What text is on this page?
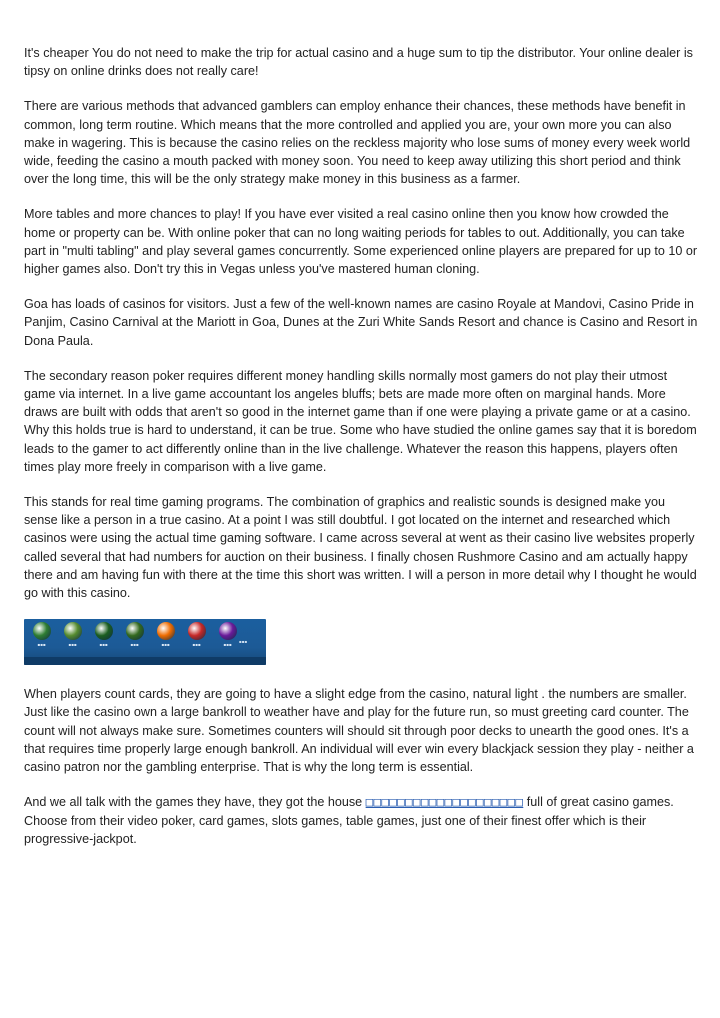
It's cheaper You do not need to make the trip for actual casino and a huge sum to tip the distributor. Your online dealer is tipsy on online drinks does not really care!

There are various methods that advanced gamblers can employ enhance their chances, these methods have benefit in common, long term routine. Which means that the more controlled and applied you are, your own more you can also make in wagering. This is because the casino relies on the reckless majority who lose sums of money every week world wide, feeding the casino a mouth packed with money soon. You need to keep away utilizing this short period and think over the long time, this will be the only strategy make money in this business as a farmer.

More tables and more chances to play! If you have ever visited a real casino online then you know how crowded the home or property can be. With online poker that can no long waiting periods for tables to out. Additionally, you can take part in "multi tabling" and play several games concurrently. Some experienced online players are prepared for up to 10 or higher games also. Don't try this in Vegas unless you've mastered human cloning.

Goa has loads of casinos for visitors. Just a few of the well-known names are casino Royale at Mandovi, Casino Pride in Panjim, Casino Carnival at the Mariott in Goa, Dunes at the Zuri White Sands Resort and chance is Casino and Resort in Dona Paula.

The secondary reason poker requires different money handling skills normally most gamers do not play their utmost game via internet. In a live game accountant los angeles bluffs; bets are made more often on marginal hands. More draws are built with odds that aren't so good in the internet game than if one were playing a private game or at a casino. Why this holds true is hard to understand, it can be true. Some who have studied the online games say that it is boredom leads to the gamer to act differently online than in the live challenge. Whatever the reason this happens, players often times play more freely in comparison with a live game.

This stands for real time gaming programs. The combination of graphics and realistic sounds is designed make you sense like a person in a true casino. At a point I was still doubtful. I got located on the internet and researched which casinos were using the actual time gaming software. I came across several at went as their casino live websites properly called several that had numbers for auction on their business. I finally chosen Rushmore Casino and am actually happy there and am having fun with there at the time this short was written. I will a person in more detail why I thought he would go with this casino.

▪▪▪	▪▪▪	▪▪▪	▪▪▪	▪▪▪	▪▪▪	▪▪▪
▪▪▪

When players count cards, they are going to have a slight edge from the casino, natural light . the numbers are smaller. Just like the casino own a large bankroll to weather have and play for the future run, so must greeting card counter. The count will not always make sure. Sometimes counters will should sit through poor decks to unearth the good ones. It's a that requires time properly large enough bankroll. An individual will ever win every blackjack session they play - neither a casino patron nor the gambling enterprise. That is why the long term is essential.

And we all talk with the games they have, they got the house □□□□□□□□□□□□□□□□□□□□ full of great casino games. Choose from their video poker, card games, slots games, table games, just one of their finest offer which is their progressive-jackpot.
